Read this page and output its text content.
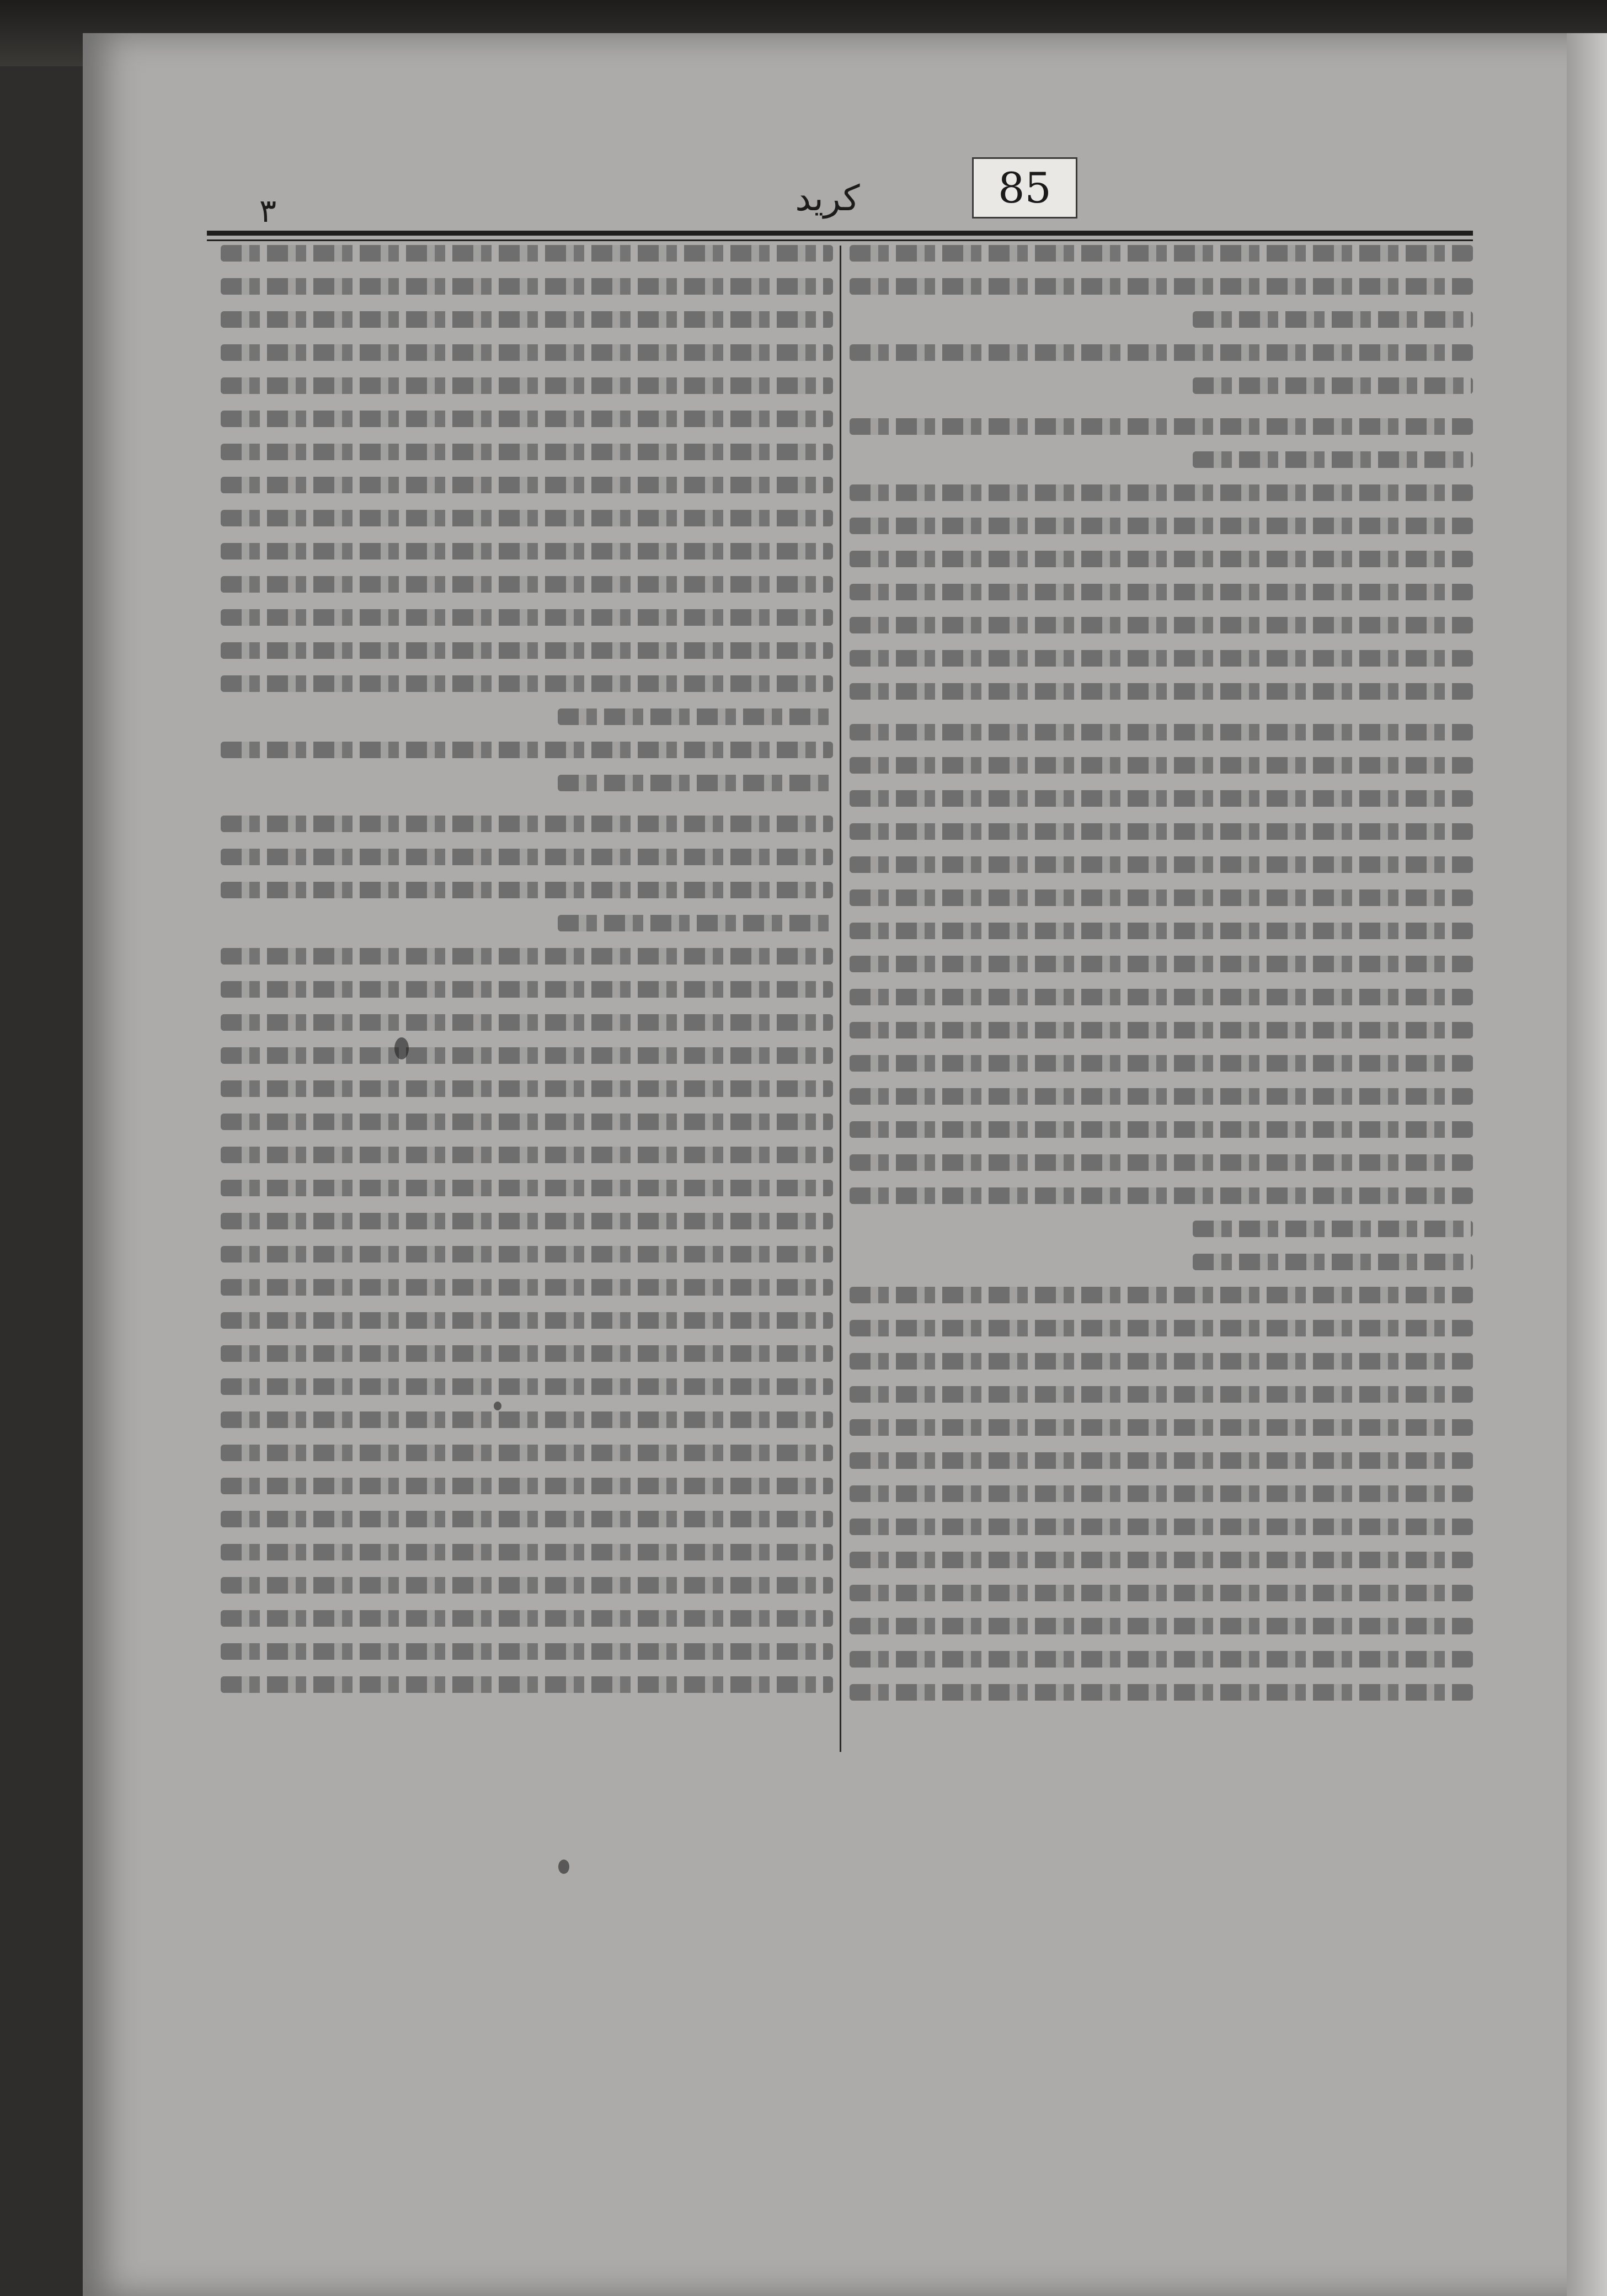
85
كريد
٣
